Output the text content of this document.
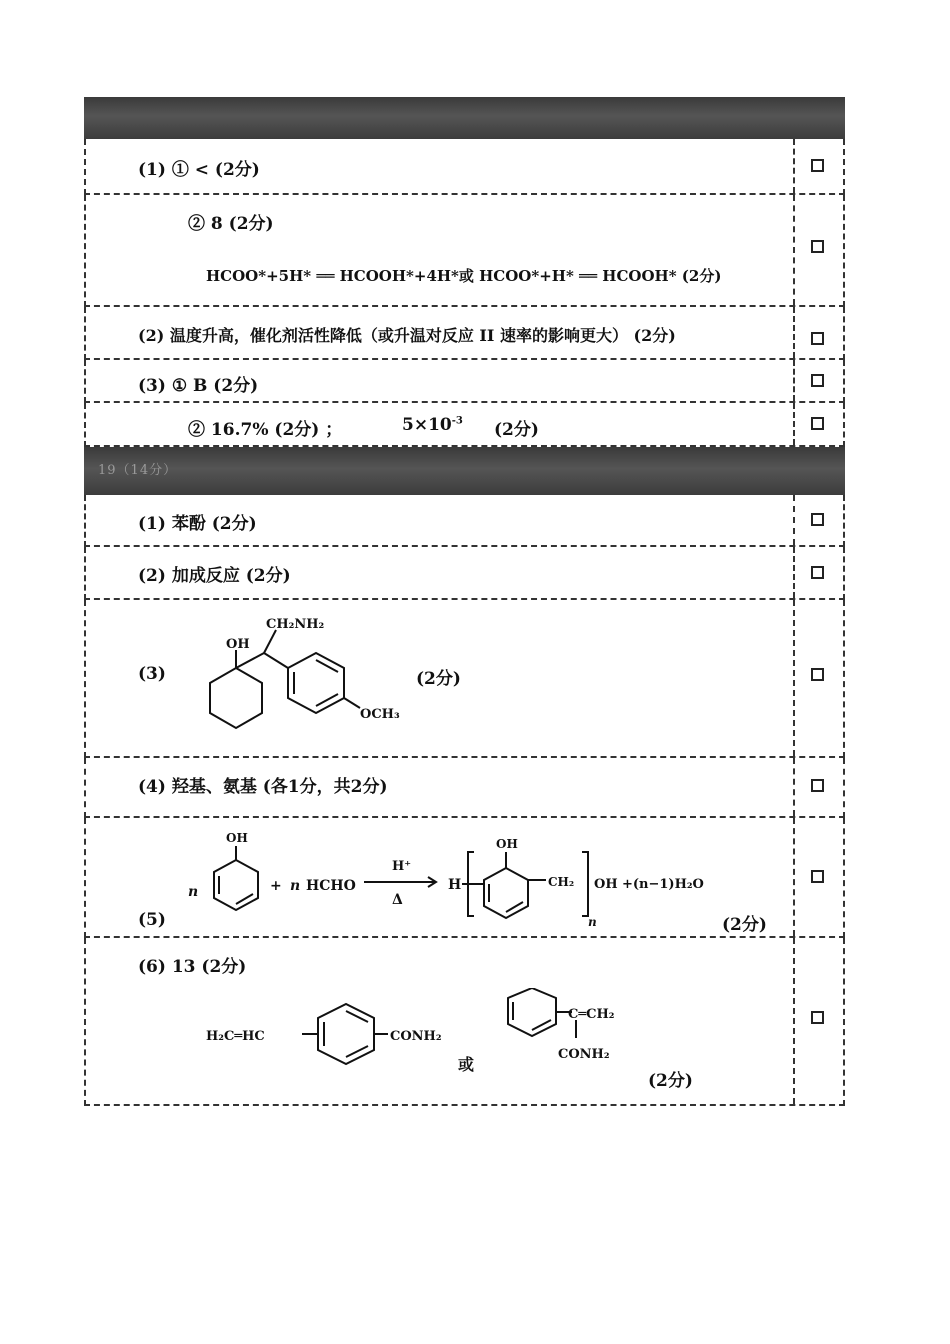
(1) ① < (2分)
② 8 (2分)
HCOO*+5H* ══ HCOOH*+4H*或 HCOO*+H* ══ HCOOH* (2分)
(2) 温度升高，催化剂活性降低（或升温对反应 II 速率的影响更大） (2分)
(3) ① B (2分)
② 16.7% (2分) ；	$5\times 10^{-3}$ (2分)
19（14分）
(1) 苯酚 (2分)
(2) 加成反应 (2分)
(3)
OH
CH₂NH₂
OCH₃
(2分)
(4) 羟基、氨基 (各1分，共2分)
(5)
OH
n	+ n HCHO
H⁺
Δ
H
OH
CH₂
n
OH +(n−1)H₂O
(2分)
(6) 13 (2分)
H₂C═HC	CONH₂
或
C═CH₂
CONH₂
(2分)
